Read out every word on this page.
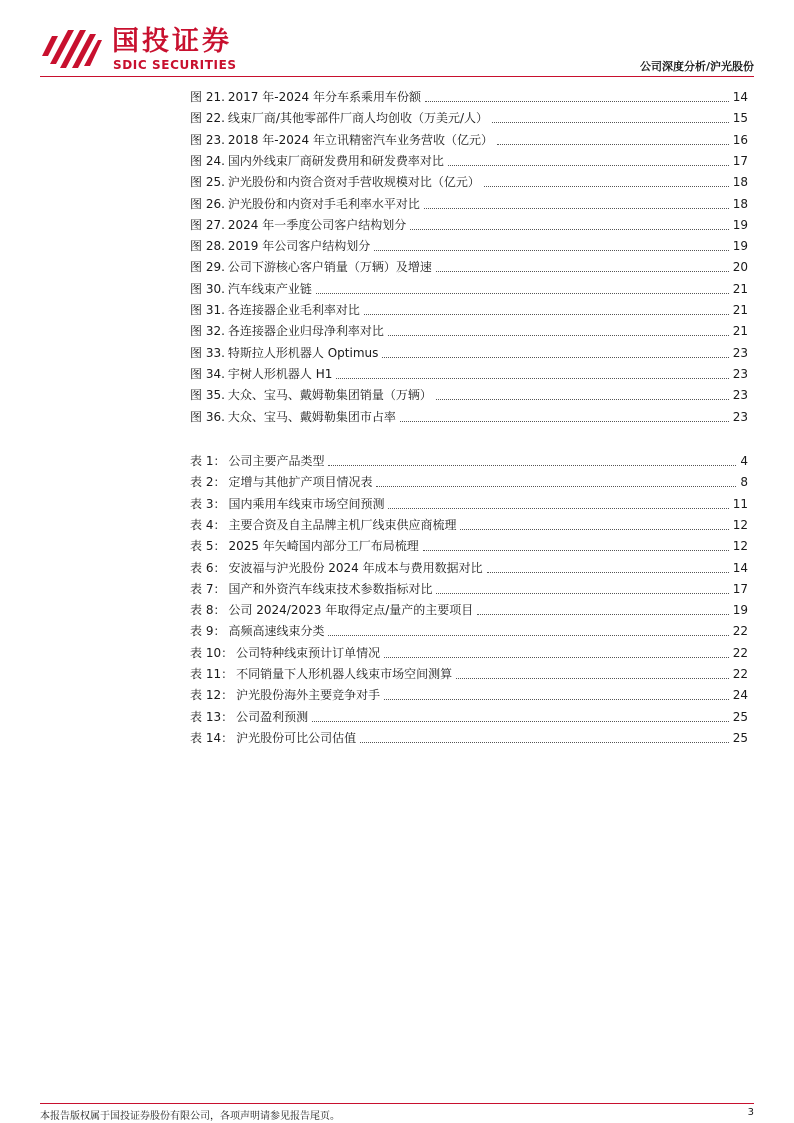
国投证券
SDIC SECURITIES	公司深度分析/沪光股份
图 21. 2017 年-2024 年分车系乘用车份额	14
图 22. 线束厂商/其他零部件厂商人均创收（万美元/人）	15
图 23. 2018 年-2024 年立讯精密汽车业务营收（亿元）	16
图 24. 国内外线束厂商研发费用和研发费率对比	17
图 25. 沪光股份和内资合资对手营收规模对比（亿元）	18
图 26. 沪光股份和内资对手毛利率水平对比	18
图 27. 2024 年一季度公司客户结构划分	19
图 28. 2019 年公司客户结构划分	19
图 29. 公司下游核心客户销量（万辆）及增速	20
图 30. 汽车线束产业链	21
图 31. 各连接器企业毛利率对比	21
图 32. 各连接器企业归母净利率对比	21
图 33. 特斯拉人形机器人 Optimus	23
图 34. 宇树人形机器人 H1	23
图 35. 大众、宝马、戴姆勒集团销量（万辆）	23
图 36. 大众、宝马、戴姆勒集团市占率	23
表 1： 公司主要产品类型	4
表 2： 定增与其他扩产项目情况表	8
表 3： 国内乘用车线束市场空间预测	11
表 4： 主要合资及自主品牌主机厂线束供应商梳理	12
表 5： 2025 年矢崎国内部分工厂布局梳理	12
表 6： 安波福与沪光股份 2024 年成本与费用数据对比	14
表 7： 国产和外资汽车线束技术参数指标对比	17
表 8： 公司 2024/2023 年取得定点/量产的主要项目	19
表 9： 高频高速线束分类	22
表 10： 公司特种线束预计订单情况	22
表 11： 不同销量下人形机器人线束市场空间测算	22
表 12： 沪光股份海外主要竞争对手	24
表 13： 公司盈利预测	25
表 14： 沪光股份可比公司估值	25
本报告版权属于国投证券股份有限公司，各项声明请参见报告尾页。	3
